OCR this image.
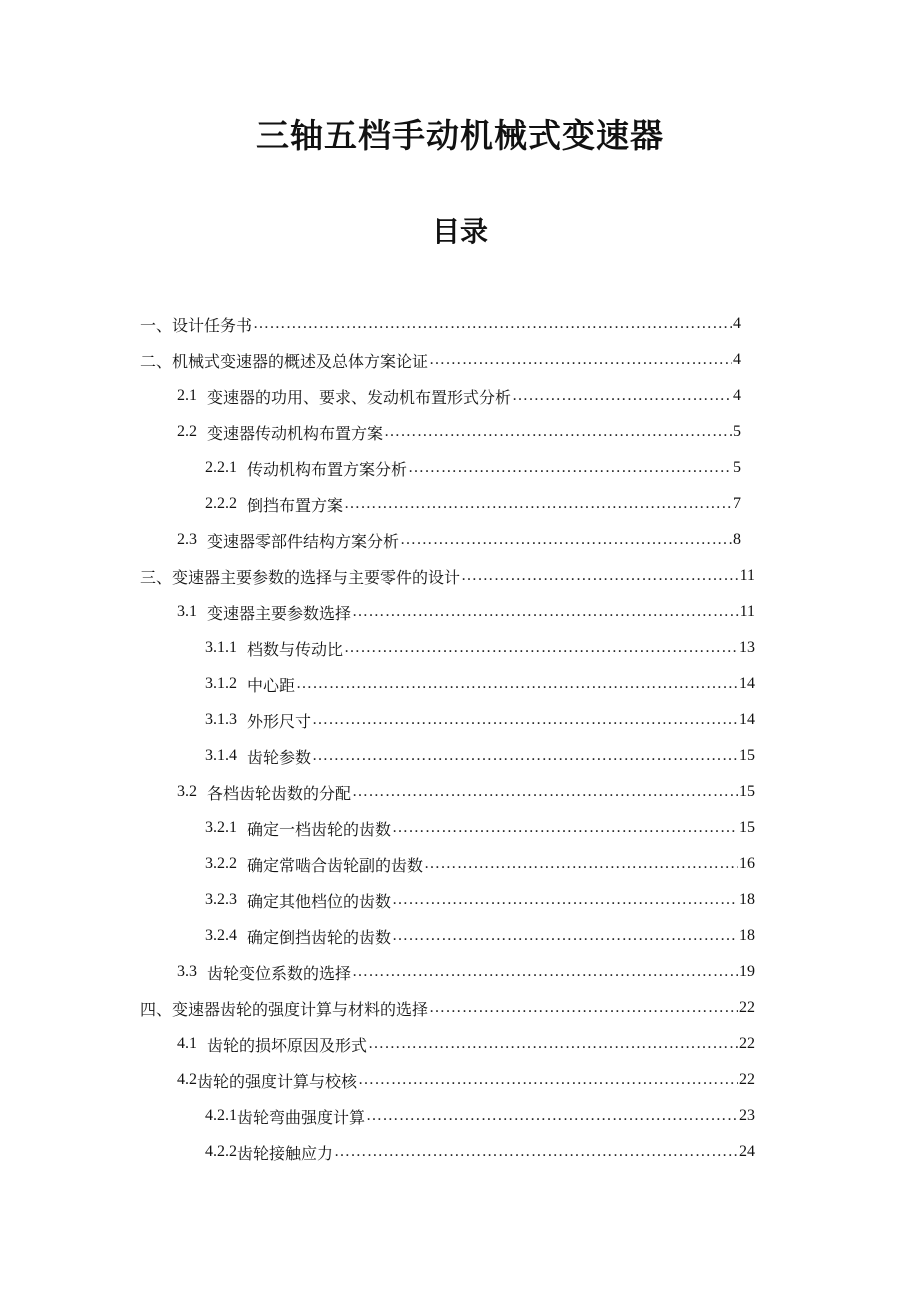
三轴五档手动机械式变速器
目录
一、设计任务书 ………………………………………………………………………………………………………………………………………………………………………………	4
二、机械式变速器的概述及总体方案论证 ………………………………………………………………………………………………………………………………………………………………………………	4
2.1 变速器的功用、要求、发动机布置形式分析 ………………………………………………………………………………………………………………………………………………………………………………	4
2.2 变速器传动机构布置方案 ………………………………………………………………………………………………………………………………………………………………………………	5
2.2.1 传动机构布置方案分析 ………………………………………………………………………………………………………………………………………………………………………………	5
2.2.2 倒挡布置方案 ………………………………………………………………………………………………………………………………………………………………………………	7
2.3 变速器零部件结构方案分析 ………………………………………………………………………………………………………………………………………………………………………………	8
三、变速器主要参数的选择与主要零件的设计 ………………………………………………………………………………………………………………………………………………………………………………	11
3.1 变速器主要参数选择 ………………………………………………………………………………………………………………………………………………………………………………	11
3.1.1 档数与传动比 ………………………………………………………………………………………………………………………………………………………………………………	13
3.1.2 中心距 ………………………………………………………………………………………………………………………………………………………………………………	14
3.1.3 外形尺寸 ………………………………………………………………………………………………………………………………………………………………………………	14
3.1.4 齿轮参数 ………………………………………………………………………………………………………………………………………………………………………………	15
3.2 各档齿轮齿数的分配 ………………………………………………………………………………………………………………………………………………………………………………	15
3.2.1 确定一档齿轮的齿数 ………………………………………………………………………………………………………………………………………………………………………………	15
3.2.2 确定常啮合齿轮副的齿数 ………………………………………………………………………………………………………………………………………………………………………………	16
3.2.3 确定其他档位的齿数 ………………………………………………………………………………………………………………………………………………………………………………	18
3.2.4 确定倒挡齿轮的齿数 ………………………………………………………………………………………………………………………………………………………………………………	18
3.3 齿轮变位系数的选择 ………………………………………………………………………………………………………………………………………………………………………………	19
四、变速器齿轮的强度计算与材料的选择 ………………………………………………………………………………………………………………………………………………………………………………	22
4.1 齿轮的损坏原因及形式 ………………………………………………………………………………………………………………………………………………………………………………	22
4.2 齿轮的强度计算与校核 ………………………………………………………………………………………………………………………………………………………………………………	22
4.2.1 齿轮弯曲强度计算 ………………………………………………………………………………………………………………………………………………………………………………	23
4.2.2 齿轮接触应力 ………………………………………………………………………………………………………………………………………………………………………………	24
